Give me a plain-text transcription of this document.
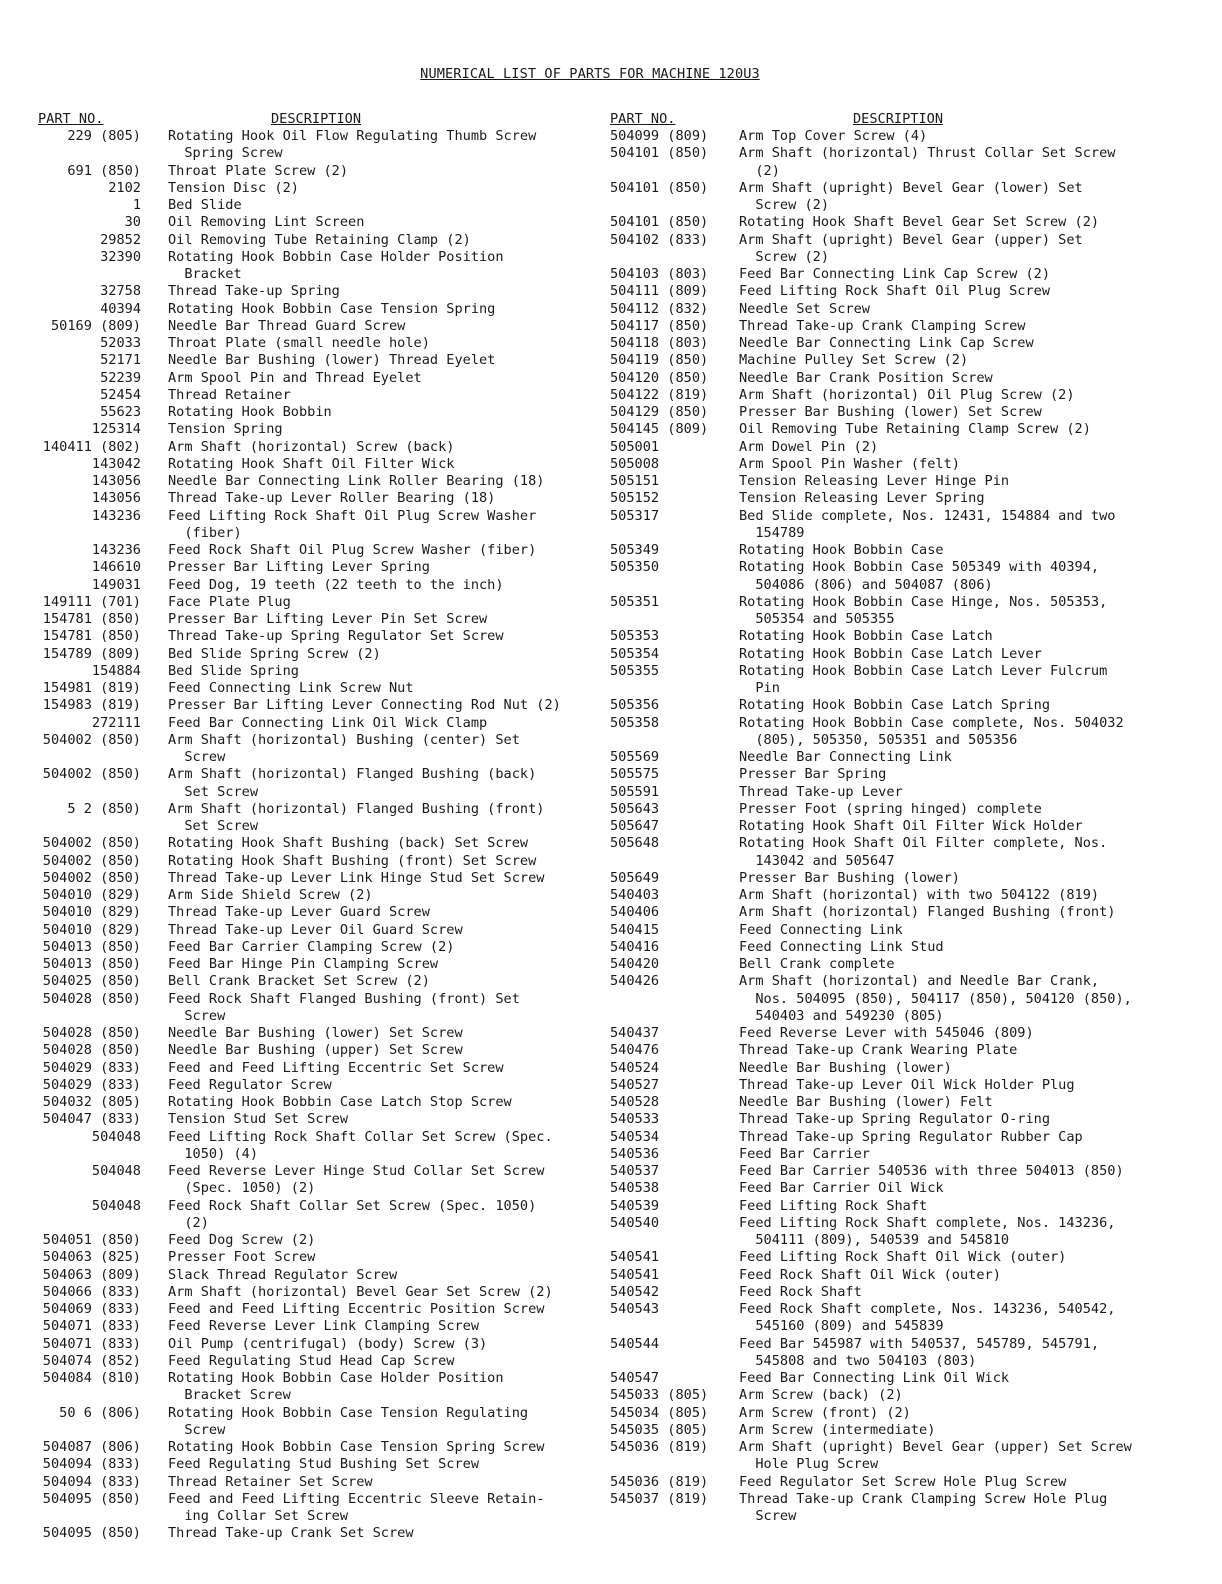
NUMERICAL LIST OF PARTS FOR MACHINE 120U3
PART NO.	DESCRIPTION
229 (805) Rotating Hook Oil Flow Regulating Thumb Screw
Spring Screw
691 (850) Throat Plate Screw (2)
2102 Tension Disc (2)
1 Bed Slide
30 Oil Removing Lint Screen
29852 Oil Removing Tube Retaining Clamp (2)
32390 Rotating Hook Bobbin Case Holder Position
Bracket
32758 Thread Take-up Spring
40394 Rotating Hook Bobbin Case Tension Spring
50169 (809) Needle Bar Thread Guard Screw
52033 Throat Plate (small needle hole)
52171 Needle Bar Bushing (lower) Thread Eyelet
52239 Arm Spool Pin and Thread Eyelet
52454 Thread Retainer
55623 Rotating Hook Bobbin
125314 Tension Spring
140411 (802) Arm Shaft (horizontal) Screw (back)
143042 Rotating Hook Shaft Oil Filter Wick
143056 Needle Bar Connecting Link Roller Bearing (18)
143056 Thread Take-up Lever Roller Bearing (18)
143236 Feed Lifting Rock Shaft Oil Plug Screw Washer
(fiber)
143236 Feed Rock Shaft Oil Plug Screw Washer (fiber)
146610 Presser Bar Lifting Lever Spring
149031 Feed Dog, 19 teeth (22 teeth to the inch)
149111 (701) Face Plate Plug
154781 (850) Presser Bar Lifting Lever Pin Set Screw
154781 (850) Thread Take-up Spring Regulator Set Screw
154789 (809) Bed Slide Spring Screw (2)
154884 Bed Slide Spring
154981 (819) Feed Connecting Link Screw Nut
154983 (819) Presser Bar Lifting Lever Connecting Rod Nut (2)
272111 Feed Bar Connecting Link Oil Wick Clamp
504002 (850) Arm Shaft (horizontal) Bushing (center) Set
Screw
504002 (850) Arm Shaft (horizontal) Flanged Bushing (back)
Set Screw
5 2 (850) Arm Shaft (horizontal) Flanged Bushing (front)
Set Screw
504002 (850) Rotating Hook Shaft Bushing (back) Set Screw
504002 (850) Rotating Hook Shaft Bushing (front) Set Screw
504002 (850) Thread Take-up Lever Link Hinge Stud Set Screw
504010 (829) Arm Side Shield Screw (2)
504010 (829) Thread Take-up Lever Guard Screw
504010 (829) Thread Take-up Lever Oil Guard Screw
504013 (850) Feed Bar Carrier Clamping Screw (2)
504013 (850) Feed Bar Hinge Pin Clamping Screw
504025 (850) Bell Crank Bracket Set Screw (2)
504028 (850) Feed Rock Shaft Flanged Bushing (front) Set
Screw
504028 (850) Needle Bar Bushing (lower) Set Screw
504028 (850) Needle Bar Bushing (upper) Set Screw
504029 (833) Feed and Feed Lifting Eccentric Set Screw
504029 (833) Feed Regulator Screw
504032 (805) Rotating Hook Bobbin Case Latch Stop Screw
504047 (833) Tension Stud Set Screw
504048 Feed Lifting Rock Shaft Collar Set Screw (Spec.
1050) (4)
504048 Feed Reverse Lever Hinge Stud Collar Set Screw
(Spec. 1050) (2)
504048 Feed Rock Shaft Collar Set Screw (Spec. 1050)
(2)
504051 (850) Feed Dog Screw (2)
504063 (825) Presser Foot Screw
504063 (809) Slack Thread Regulator Screw
504066 (833) Arm Shaft (horizontal) Bevel Gear Set Screw (2)
504069 (833) Feed and Feed Lifting Eccentric Position Screw
504071 (833) Feed Reverse Lever Link Clamping Screw
504071 (833) Oil Pump (centrifugal) (body) Screw (3)
504074 (852) Feed Regulating Stud Head Cap Screw
504084 (810) Rotating Hook Bobbin Case Holder Position
Bracket Screw
50 6 (806) Rotating Hook Bobbin Case Tension Regulating
Screw
504087 (806) Rotating Hook Bobbin Case Tension Spring Screw
504094 (833) Feed Regulating Stud Bushing Set Screw
504094 (833) Thread Retainer Set Screw
504095 (850) Feed and Feed Lifting Eccentric Sleeve Retain-
ing Collar Set Screw
504095 (850) Thread Take-up Crank Set Screw
PART NO.	DESCRIPTION
504099 (809) Arm Top Cover Screw (4)
504101 (850) Arm Shaft (horizontal) Thrust Collar Set Screw
(2)
504101 (850) Arm Shaft (upright) Bevel Gear (lower) Set
Screw (2)
504101 (850) Rotating Hook Shaft Bevel Gear Set Screw (2)
504102 (833) Arm Shaft (upright) Bevel Gear (upper) Set
Screw (2)
504103 (803) Feed Bar Connecting Link Cap Screw (2)
504111 (809) Feed Lifting Rock Shaft Oil Plug Screw
504112 (832) Needle Set Screw
504117 (850) Thread Take-up Crank Clamping Screw
504118 (803) Needle Bar Connecting Link Cap Screw
504119 (850) Machine Pulley Set Screw (2)
504120 (850) Needle Bar Crank Position Screw
504122 (819) Arm Shaft (horizontal) Oil Plug Screw (2)
504129 (850) Presser Bar Bushing (lower) Set Screw
504145 (809) Oil Removing Tube Retaining Clamp Screw (2)
505001	Arm Dowel Pin (2)
505008	Arm Spool Pin Washer (felt)
505151	Tension Releasing Lever Hinge Pin
505152	Tension Releasing Lever Spring
505317	Bed Slide complete, Nos. 12431, 154884 and two
154789
505349	Rotating Hook Bobbin Case
505350	Rotating Hook Bobbin Case 505349 with 40394,
504086 (806) and 504087 (806)
505351	Rotating Hook Bobbin Case Hinge, Nos. 505353,
505354 and 505355
505353	Rotating Hook Bobbin Case Latch
505354	Rotating Hook Bobbin Case Latch Lever
505355	Rotating Hook Bobbin Case Latch Lever Fulcrum
Pin
505356	Rotating Hook Bobbin Case Latch Spring
505358	Rotating Hook Bobbin Case complete, Nos. 504032
(805), 505350, 505351 and 505356
505569	Needle Bar Connecting Link
505575	Presser Bar Spring
505591	Thread Take-up Lever
505643	Presser Foot (spring hinged) complete
505647	Rotating Hook Shaft Oil Filter Wick Holder
505648	Rotating Hook Shaft Oil Filter complete, Nos.
143042 and 505647
505649	Presser Bar Bushing (lower)
540403	Arm Shaft (horizontal) with two 504122 (819)
540406	Arm Shaft (horizontal) Flanged Bushing (front)
540415	Feed Connecting Link
540416	Feed Connecting Link Stud
540420	Bell Crank complete
540426	Arm Shaft (horizontal) and Needle Bar Crank,
Nos. 504095 (850), 504117 (850), 504120 (850),
540403 and 549230 (805)
540437	Feed Reverse Lever with 545046 (809)
540476	Thread Take-up Crank Wearing Plate
540524	Needle Bar Bushing (lower)
540527	Thread Take-up Lever Oil Wick Holder Plug
540528	Needle Bar Bushing (lower) Felt
540533	Thread Take-up Spring Regulator O-ring
540534	Thread Take-up Spring Regulator Rubber Cap
540536	Feed Bar Carrier
540537	Feed Bar Carrier 540536 with three 504013 (850)
540538	Feed Bar Carrier Oil Wick
540539	Feed Lifting Rock Shaft
540540	Feed Lifting Rock Shaft complete, Nos. 143236,
504111 (809), 540539 and 545810
540541	Feed Lifting Rock Shaft Oil Wick (outer)
540541	Feed Rock Shaft Oil Wick (outer)
540542	Feed Rock Shaft
540543	Feed Rock Shaft complete, Nos. 143236, 540542,
545160 (809) and 545839
540544	Feed Bar 545987 with 540537, 545789, 545791,
545808 and two 504103 (803)
540547	Feed Bar Connecting Link Oil Wick
545033 (805) Arm Screw (back) (2)
545034 (805) Arm Screw (front) (2)
545035 (805) Arm Screw (intermediate)
545036 (819) Arm Shaft (upright) Bevel Gear (upper) Set Screw
Hole Plug Screw
545036 (819) Feed Regulator Set Screw Hole Plug Screw
545037 (819) Thread Take-up Crank Clamping Screw Hole Plug
Screw
